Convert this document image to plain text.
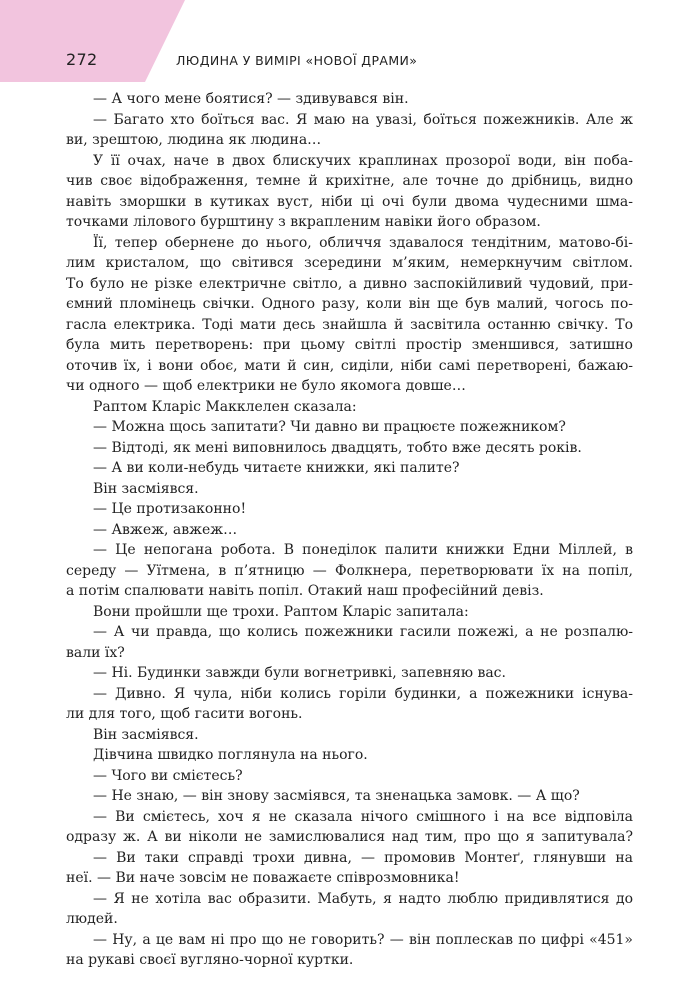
272	ЛЮДИНА У ВИМІРІ «НОВОЇ ДРАМИ»
— А чого мене боятися? — здивувався він.
— Багато хто боїться вас. Я маю на увазі, боїться пожежників. Але ж
ви, зрештою, людина як людина…
У її очах, наче в двох блискучих краплинах прозорої води, він поба-
чив своє відображення, темне й крихітне, але точне до дрібниць, видно
навіть зморшки в кутиках вуст, ніби ці очі були двома чудесними шма-
точками лілового бурштину з вкрапленим навіки його образом.
Її, тепер обернене до нього, обличчя здавалося тендітним, матово-бі-
лим кристалом, що світився зсередини м’яким, немеркнучим світлом.
То було не різке електричне світло, а дивно заспокійливий чудовий, при-
ємний пломінець свічки. Одного разу, коли він ще був малий, чогось по-
гасла електрика. Тоді мати десь знайшла й засвітила останню свічку. То
була мить перетворень: при цьому світлі простір зменшився, затишно
оточив їх, і вони обоє, мати й син, сиділи, ніби самі перетворені, бажаю-
чи одного — щоб електрики не було якомога довше…
Раптом Кларіс Макклелен сказала:
— Можна щось запитати? Чи давно ви працюєте пожежником?
— Відтоді, як мені виповнилось двадцять, тобто вже десять років.
— А ви коли-небудь читаєте книжки, які палите?
Він засміявся.
— Це протизаконно!
— Авжеж, авжеж…
— Це непогана робота. В понеділок палити книжки Едни Міллей, в
середу — Уїтмена, в п’ятницю — Фолкнера, перетворювати їх на попіл,
а потім спалювати навіть попіл. Отакий наш професійний девіз.
Вони пройшли ще трохи. Раптом Кларіс запитала:
— А чи правда, що колись пожежники гасили пожежі, а не розпалю-
вали їх?
— Ні. Будинки завжди були вогнетривкі, запевняю вас.
— Дивно. Я чула, ніби колись горіли будинки, а пожежники існува-
ли для того, щоб гасити вогонь.
Він засміявся.
Дівчина швидко поглянула на нього.
— Чого ви смієтесь?
— Не знаю, — він знову засміявся, та зненацька замовк. — А що?
— Ви смієтесь, хоч я не сказала нічого смішного і на все відповіла
одразу ж. А ви ніколи не замислювалися над тим, про що я запитувала?
— Ви таки справді трохи дивна, — промовив Монтеґ, глянувши на
неї. — Ви наче зовсім не поважаєте співрозмовника!
— Я не хотіла вас образити. Мабуть, я надто люблю придивлятися до
людей.
— Ну, а це вам ні про що не говорить? — він поплескав по цифрі «451»
на рукаві своєї вугляно-чорної куртки.
